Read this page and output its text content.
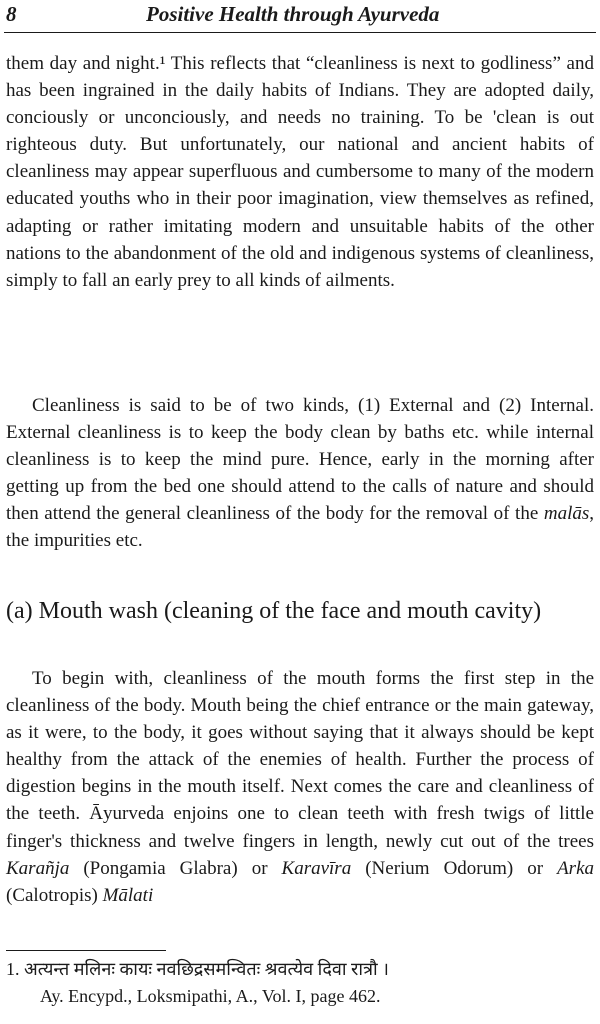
8	Positive Health through Ayurveda

them day and night.¹ This reflects that “cleanliness is next to godliness” and has been ingrained in the daily habits of Indians. They are adopted daily, conciously or unconciously, and needs no training. To be 'clean is out righteous duty. But unfortunately, our national and ancient habits of cleanliness may appear superfluous and cumbersome to many of the modern educated youths who in their poor imagination, view themselves as refined, adapting or rather imitating modern and unsuitable habits of the other nations to the abandonment of the old and indigenous systems of cleanliness, simply to fall an early prey to all kinds of ailments.

Cleanliness is said to be of two kinds, (1) External and (2) Internal. External cleanliness is to keep the body clean by baths etc. while internal cleanliness is to keep the mind pure. Hence, early in the morning after getting up from the bed one should attend to the calls of nature and should then attend the general cleanliness of the body for the removal of the malās, the impurities etc.

(a) Mouth wash (cleaning of the face and mouth cavity)

To begin with, cleanliness of the mouth forms the first step in the cleanliness of the body. Mouth being the chief entrance or the main gateway, as it were, to the body, it goes without saying that it always should be kept healthy from the attack of the enemies of health. Further the process of digestion begins in the mouth itself. Next comes the care and cleanliness of the teeth. Āyurveda enjoins one to clean teeth with fresh twigs of little finger's thickness and twelve fingers in length, newly cut out of the trees Karañja (Pongamia Glabra) or Karavīra (Nerium Odorum) or Arka (Calotropis) Mālati

1. अत्यन्त मलिनः कायः नवछिद्रसमन्वितः श्रवत्येव दिवा रात्रौ ।
Ay. Encypd., Loksmipathi, A., Vol. I, page 462.
